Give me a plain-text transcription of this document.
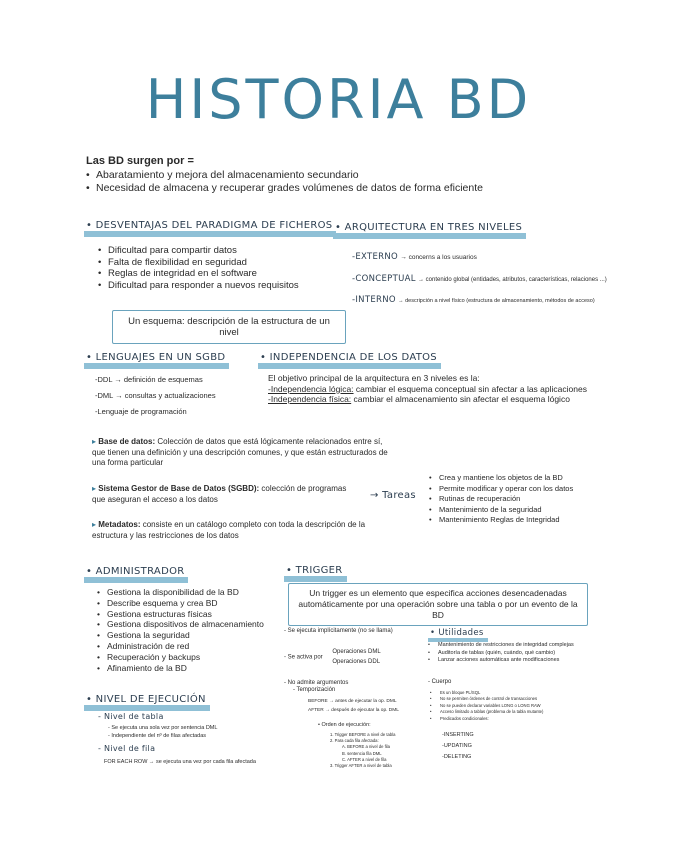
HISTORIA BD
Las BD surgen por =
• Abaratamiento y mejora del almacenamiento secundario
• Necesidad de almacena y recuperar grades volúmenes de datos de forma eficiente
• DESVENTAJAS DEL PARADIGMA DE FICHEROS
• Dificultad para compartir datos
• Falta de flexibilidad en seguridad
• Reglas de integridad en el software
• Dificultad para responder a nuevos requisitos
Un esquema: descripción de la estructura de un nivel
• ARQUITECTURA EN TRES NIVELES
-EXTERNO → concerns a los usuarios
-CONCEPTUAL → contenido global (entidades, atributos, características, relaciones ...)
-INTERNO → descripción a nivel físico (estructura de almacenamiento, métodos de acceso)
• LENGUAJES EN UN SGBD
-DDL → definición de esquemas
-DML → consultas y actualizaciones
-Lenguaje de programación
• INDEPENDENCIA DE LOS DATOS
El objetivo principal de la arquitectura en 3 niveles es la:
-Independencia lógica: cambiar el esquema conceptual sin afectar a las aplicaciones
-Independencia física: cambiar el almacenamiento sin afectar el esquema lógico
▸ Base de datos: Colección de datos que está lógicamente relacionados entre sí, que tienen una definición y una descripción comunes, y que están estructurados de una forma particular
▸ Sistema Gestor de Base de Datos (SGBD): colección de programas que aseguran el acceso a los datos
▸ Metadatos: consiste en un catálogo completo con toda la descripción de la estructura y las restricciones de los datos
→ Tareas
• Crea y mantiene los objetos de la BD
• Permite modificar y operar con los datos
• Rutinas de recuperación
• Mantenimiento de la seguridad
• Mantenimiento Reglas de Integridad
• ADMINISTRADOR
• Gestiona la disponibilidad de la BD
• Describe esquema y crea BD
• Gestiona estructuras físicas
• Gestiona dispositivos de almacenamiento
• Gestiona la seguridad
• Administración de red
• Recuperación y backups
• Afinamiento de la BD
• NIVEL DE EJECUCIÓN
- Nivel de tabla
- Se ejecuta una sola vez por sentencia DML
- Independiente del nº de filas afectadas
- Nivel de fila
FOR EACH ROW → se ejecuta una vez por cada fila afectada
• TRIGGER
Un trigger es un elemento que especifica acciones desencadenadas automáticamente por una operación sobre una tabla o por un evento de la BD
- Se ejecuta implícitamente (no se llama)
- Se activa por
Operaciones DML
Operaciones DDL
- No admite argumentos
- Temporización
BEFORE → antes de ejecutar la op. DML
AFTER → después de ejecutar la op. DML
• Orden de ejecución:
1. Trigger BEFORE a nivel de tabla
2. Para cada fila afectada:
A. BEFORE a nivel de fila
B. sentencia fila DML
C. AFTER a nivel de fila
3. Trigger AFTER a nivel de tabla
• Utilidades
• Mantenimiento de restricciones de integridad complejas
• Auditoría de tablas (quién, cuándo, qué cambio)
• Lanzar acciones automáticas ante modificaciones
- Cuerpo
• Es un bloque PL/SQL
• No se permiten órdenes de control de transacciones
• No se pueden declarar variables LONG o LONG RAW
• Acceso limitado a tablas (problema de la tabla mutante)
• Predicados condicionales:
-INSERTING
-UPDATING
-DELETING
